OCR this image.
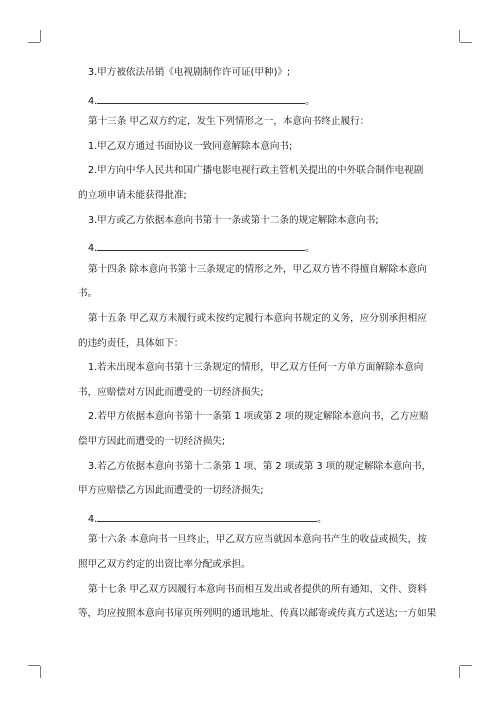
3.甲方被依法吊销《电视剧制作许可证(甲种)》;
4.	。
第十三条 甲乙双方约定，发生下列情形之一，本意向书终止履行：
1.甲乙双方通过书面协议一致同意解除本意向书;
2.甲方向中华人民共和国广播电影电视行政主管机关提出的中外联合制作电视剧
的立项申请未能获得批准;
3.甲方或乙方依据本意向书第十一条或第十二条的规定解除本意向书;
4.	。
第十四条 除本意向书第十三条规定的情形之外，甲乙双方皆不得擅自解除本意向
书。
第十五条 甲乙双方未履行或未按约定履行本意向书规定的义务，应分别承担相应
的违约责任，具体如下：
1.若未出现本意向书第十三条规定的情形，甲乙双方任何一方单方面解除本意向
书，应赔偿对方因此而遭受的一切经济损失;
2.若甲方依据本意向书第十一条第 1 项或第 2 项的规定解除本意向书，乙方应赔
偿甲方因此而遭受的一切经济损失;
3.若乙方依据本意向书第十二条第 1 项、第 2 项或第 3 项的规定解除本意向书，
甲方应赔偿乙方因此而遭受的一切经济损失;
4.	。
第十六条 本意向书一旦终止，甲乙双方应当就因本意向书产生的收益或损失，按
照甲乙双方约定的出资比率分配或承担。
第十七条 甲乙双方因履行本意向书而相互发出或者提供的所有通知、文件、资料
等，均应按照本意向书扉页所列明的通讯地址、传真以邮寄或传真方式送达;一方如果
